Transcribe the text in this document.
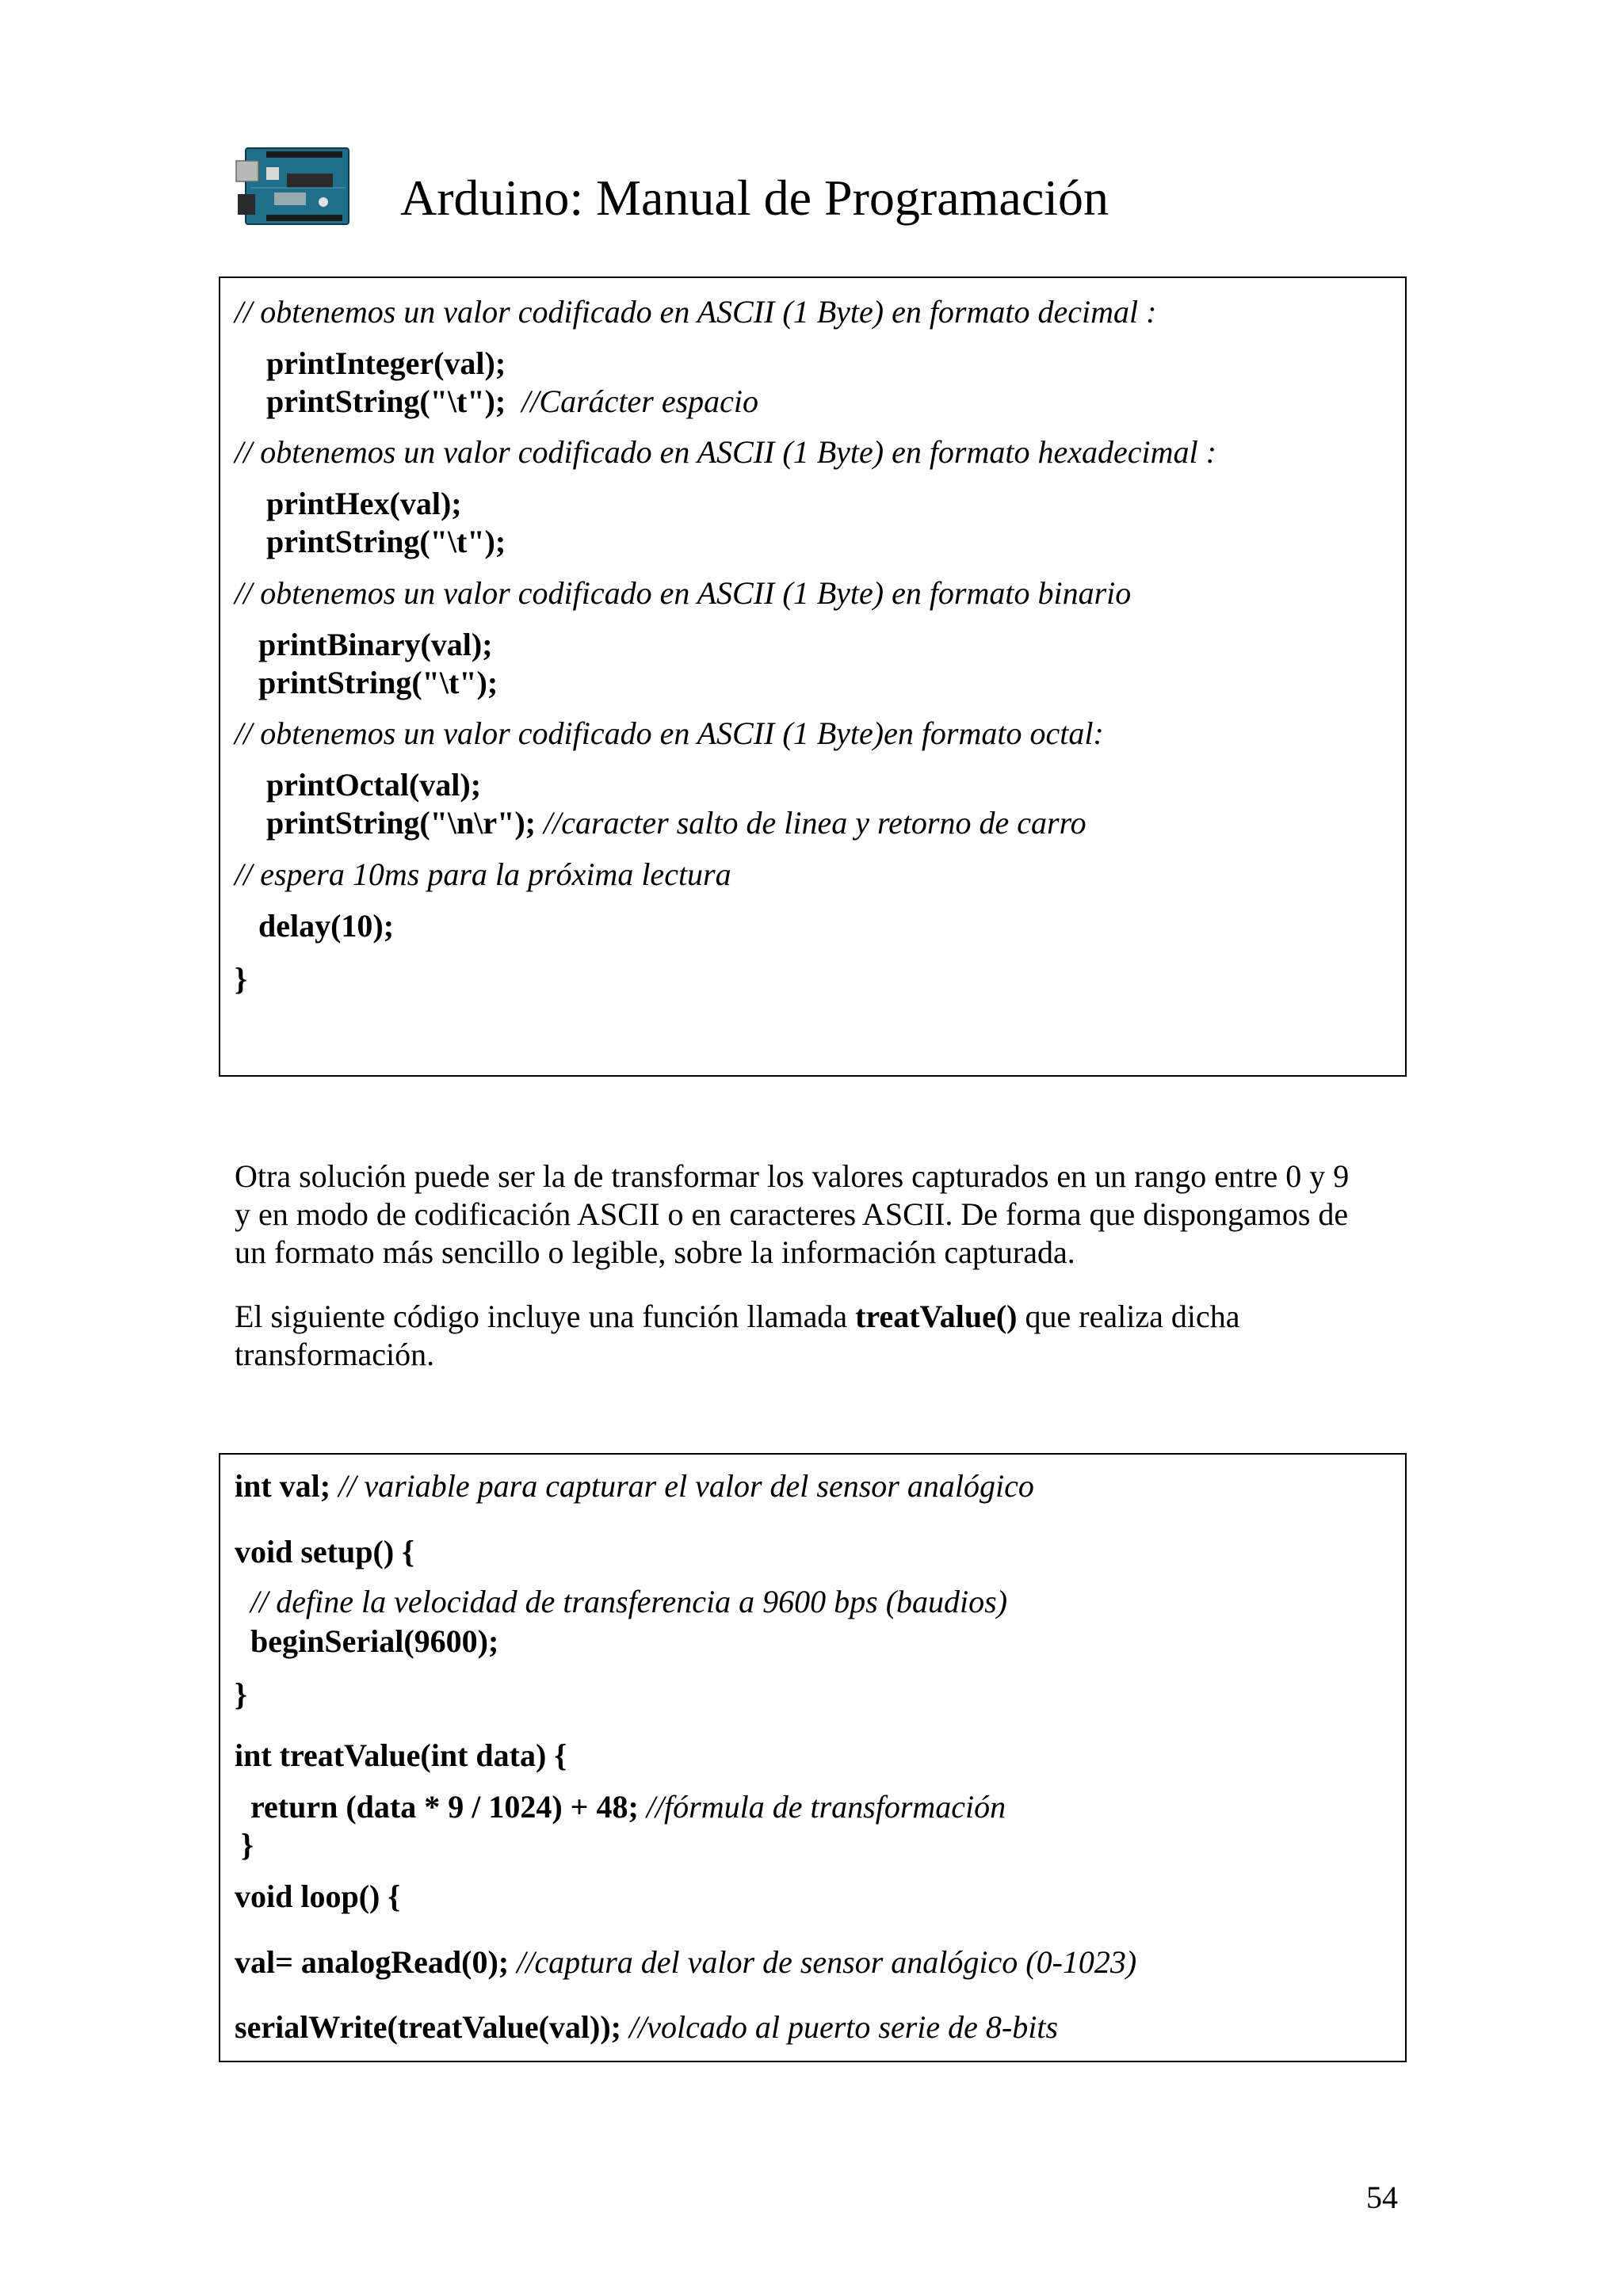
Arduino: Manual de Programación
// obtenemos un valor codificado en ASCII (1 Byte) en formato decimal :
printInteger(val);
printString("\t"); //Carácter espacio
// obtenemos un valor codificado en ASCII (1 Byte) en formato hexadecimal :
printHex(val);
printString("\t");
// obtenemos un valor codificado en ASCII (1 Byte) en formato binario
printBinary(val);
printString("\t");
// obtenemos un valor codificado en ASCII (1 Byte)en formato octal:
printOctal(val);
printString("\n\r"); //caracter salto de linea y retorno de carro
// espera 10ms para la próxima lectura
delay(10);
}
Otra solución puede ser la de transformar los valores capturados en un rango entre 0 y 9
y en modo de codificación ASCII o en caracteres ASCII. De forma que dispongamos de
un formato más sencillo o legible, sobre la información capturada.
El siguiente código incluye una función llamada treatValue() que realiza dicha
transformación.
int val; // variable para capturar el valor del sensor analógico
void setup() {
// define la velocidad de transferencia a 9600 bps (baudios)
beginSerial(9600);
}
int treatValue(int data) {
return (data * 9 / 1024) + 48; //fórmula de transformación
}
void loop() {
val= analogRead(0); //captura del valor de sensor analógico (0-1023)
serialWrite(treatValue(val)); //volcado al puerto serie de 8-bits
54
